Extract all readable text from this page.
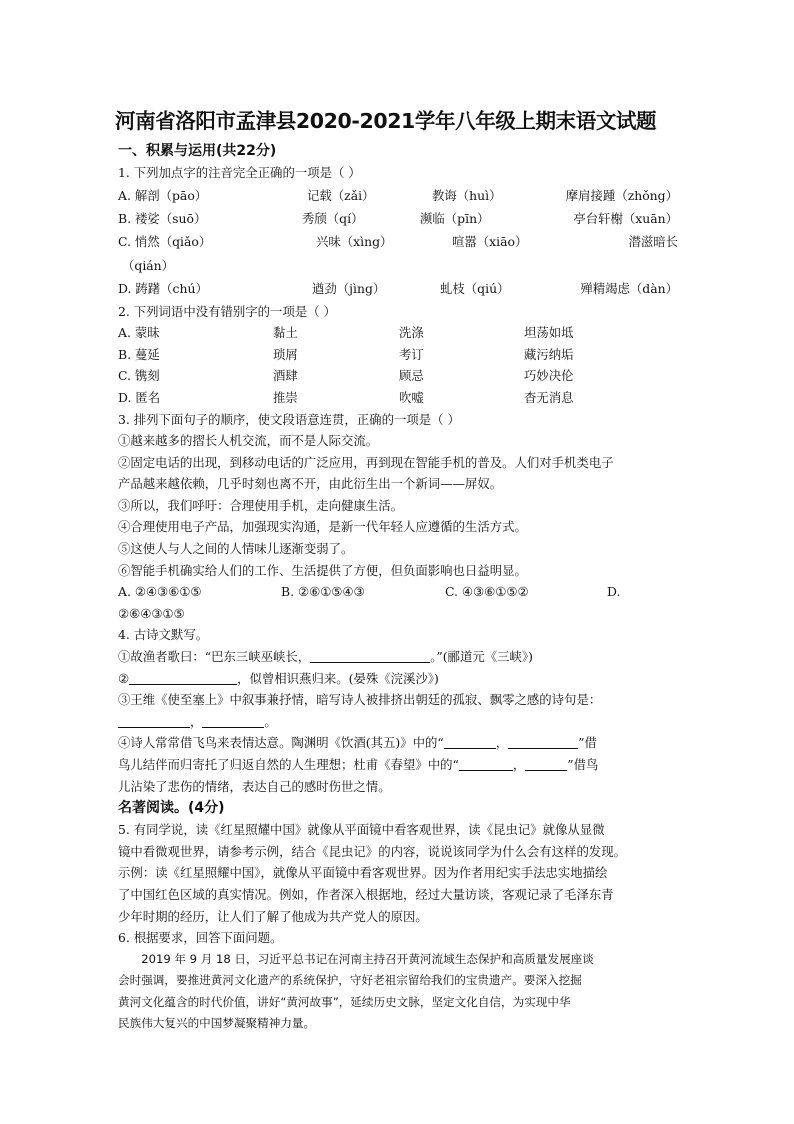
河南省洛阳市孟津县2020-2021学年八年级上期末语文试题
一、积累与运用(共22分)
1. 下列加点字的注音完全正确的一项是（ ）
A. 解剖（pāo）	记载（zǎi）	教诲（huì）	摩肩接踵（zhǒng）
B. 褛娑（suō）	秀颀（qí）	濒临（pīn）	亭台轩榭（xuān）
C. 悄然（qiǎo）	兴味（xìng）	喧嚣（xiāo）	潜滋暗长
（qián）
D. 踌躇（chú）	遒劲（jìng）	虬枝（qiú）	殚精竭虑（dàn）
2. 下列词语中没有错别字的一项是（ ）
A. 蒙昧	黏土	洗涤	坦荡如坻
B. 蔓延	琐屑	考订	藏污纳垢
C. 镌刻	酒肆	顾忌	巧妙决伦
D. 匿名	推崇	吹嘘	杳无消息
3. 排列下面句子的顺序，使文段语意连贯，正确的一项是（ ）
①越来越多的摺长人机交流，而不是人际交流。
②固定电话的出现，到移动电话的广泛应用，再到现在智能手机的普及。人们对手机类电子
产品越来越依赖，几乎时刻也离不开，由此衍生出一个新词——屏奴。
③所以，我们呼吁：合理使用手机，走向健康生活。
④合理使用电子产品，加强现实沟通，是新一代年轻人应遵循的生活方式。
⑤这使人与人之间的人情味儿逐渐变弱了。
⑥智能手机确实给人们的工作、生活提供了方便，但负面影响也日益明显。
A. ②④③⑥①⑤	B. ②⑥①⑤④③	C. ④③⑥①⑤②	D.
②⑥④③①⑤
4. 古诗文默写。
①故渔者歌曰：“巴东三峡巫峡长，	。”(郦道元《三峡》)
②	，似曾相识燕归来。(晏殊《浣溪沙》)
③王维《使至塞上》中叙事兼抒情，暗写诗人被排挤出朝廷的孤寂、飘零之感的诗句是：
，	。
④诗人常常借飞鸟来表情达意。陶渊明《饮酒(其五)》中的“	，	”借
鸟儿结伴而归寄托了归返自然的人生理想；杜甫《春望》中的“	，	”借鸟
儿沾染了悲伤的情绪，表达自己的感时伤世之情。
名著阅读。(4分)
5. 有同学说，读《红星照耀中国》就像从平面镜中看客观世界，读《昆虫记》就像从显微
镜中看微观世界，请参考示例，结合《昆虫记》的内容，说说该同学为什么会有这样的发现。
示例：读《红星照耀中国》，就像从平面镜中看客观世界。因为作者用纪实手法忠实地描绘
了中国红色区域的真实情况。例如，作者深入根据地，经过大量访谈，客观记录了毛泽东青
少年时期的经历，让人们了解了他成为共产党人的原因。
6. 根据要求，回答下面问题。
　　2019 年 9 月 18 日，习近平总书记在河南主持召开黄河流域生态保护和高质量发展座谈
会时强调，要推进黄河文化遗产的系统保护，守好老祖宗留给我们的宝贵遗产。要深入挖掘
黄河文化蕴含的时代价值，讲好“黄河故事”，延续历史文脉，坚定文化自信，为实现中华
民族伟大复兴的中国梦凝聚精神力量。
